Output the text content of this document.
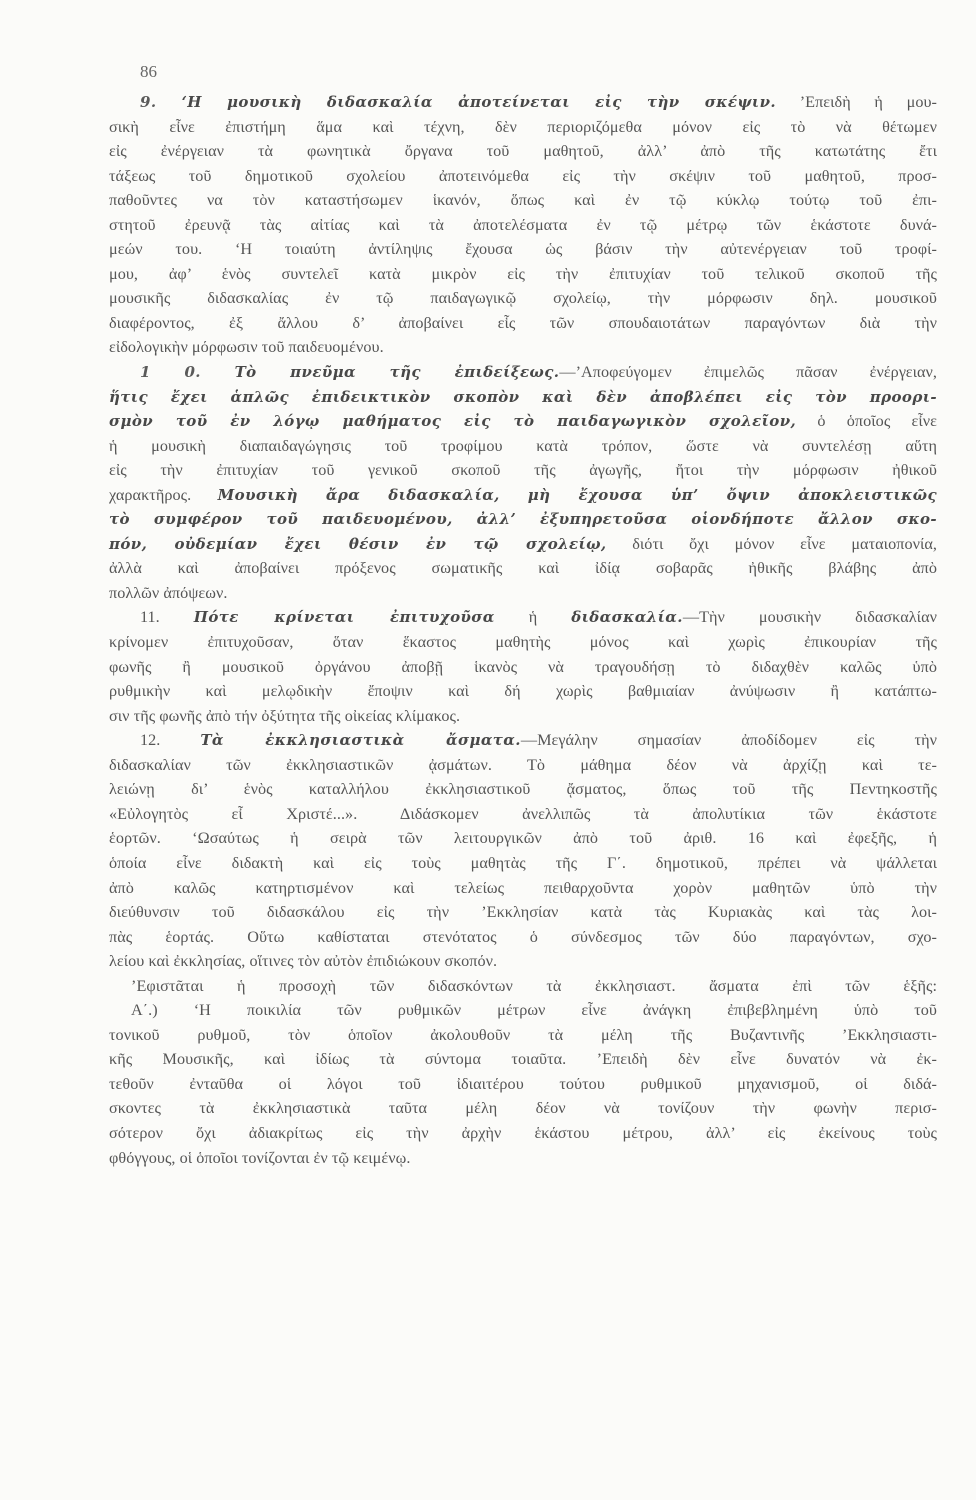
86
9. ‘Η μουσικὴ διδασκαλία ἀποτείνεται εἰς τὴν σκέψιν. ’Επειδὴ ἡ μου-
σικὴ εἶνε ἐπιστήμη ἅμα καὶ τέχνη, δὲν περιοριζόμεθα μόνον εἰς τὸ νὰ θέτωμεν
εἰς ἐνέργειαν τὰ φωνητικὰ ὄργανα τοῦ μαθητοῦ, ἀλλ’ ἀπὸ τῆς κατωτάτης ἔτι
τάξεως τοῦ δημοτικοῦ σχολείου ἀποτεινόμεθα εἰς τὴν σκέψιν τοῦ μαθητοῦ, προσ-
παθοῦντες να τὸν καταστήσωμεν ἱκανόν, ὅπως καὶ ἐν τῷ κύκλῳ τούτῳ τοῦ ἐπι-
στητοῦ ἐρευνᾷ τὰς αἰτίας καὶ τὰ ἀποτελέσματα ἐν τῷ μέτρῳ τῶν ἑκάστοτε δυνά-
μεών του. ‘Η τοιαύτη ἀντίληψις ἔχουσα ὡς βάσιν τὴν αὐτενέργειαν τοῦ τροφί-
μου, ἀφ’ ἑνὸς συντελεῖ κατὰ μικρὸν εἰς τὴν ἐπιτυχίαν τοῦ τελικοῦ σκοποῦ τῆς
μουσικῆς διδασκαλίας ἐν τῷ παιδαγωγικῷ σχολείῳ, τὴν μόρφωσιν δηλ. μουσικοῦ
διαφέροντος, ἐξ ἄλλου δ’ ἀποβαίνει εἷς τῶν σπουδαιοτάτων παραγόντων διὰ τὴν
εἰδολογικὴν μόρφωσιν τοῦ παιδευομένου.
1 0. Τὸ πνεῦμα τῆς ἐπιδείξεως.—’Αποφεύγομεν ἐπιμελῶς πᾶσαν ἐνέργειαν,
ἥτις ἔχει ἁπλῶς ἐπιδεικτικὸν σκοπὸν καὶ δὲν ἀποβλέπει εἰς τὸν προορι-
σμὸν τοῦ ἐν λόγῳ μαθήματος εἰς τὸ παιδαγωγικὸν σχολεῖον, ὁ ὁποῖος εἶνε
ἡ μουσικὴ διαπαιδαγώγησις τοῦ τροφίμου κατὰ τρόπον, ὥστε νὰ συντελέσῃ αὕτη
εἰς τὴν ἐπιτυχίαν τοῦ γενικοῦ σκοποῦ τῆς ἀγωγῆς, ἤτοι τὴν μόρφωσιν ἠθικοῦ
χαρακτῆρος. Μουσικὴ ἄρα διδασκαλία, μὴ ἔχουσα ὑπ’ ὄψιν ἀποκλειστικῶς
τὸ συμφέρον τοῦ παιδευομένου, ἀλλ’ ἐξυπηρετοῦσα οἱονδήποτε ἄλλον σκο-
πόν, οὐδεμίαν ἔχει θέσιν ἐν τῷ σχολείῳ, διότι ὄχι μόνον εἶνε ματαιοπονία,
ἀλλὰ καὶ ἀποβαίνει πρόξενος σωματικῆς καὶ ἰδίᾳ σοβαρᾶς ἠθικῆς βλάβης ἀπὸ
πολλῶν ἀπόψεων.
11. Πότε κρίνεται ἐπιτυχοῦσα ἡ διδασκαλία.—Τὴν μουσικὴν διδασκαλίαν
κρίνομεν ἐπιτυχοῦσαν, ὅταν ἕκαστος μαθητὴς μόνος καὶ χωρὶς ἐπικουρίαν τῆς
φωνῆς ἢ μουσικοῦ ὀργάνου ἀποβῇ ἱκανὸς νὰ τραγουδήσῃ τὸ διδαχθὲν καλῶς ὑπὸ
ρυθμικὴν καὶ μελῳδικὴν ἔποψιν καὶ δή χωρὶς βαθμιαίαν ἀνύψωσιν ἢ κατάπτω-
σιν τῆς φωνῆς ἀπὸ τήν ὀξύτητα τῆς οἰκείας κλίμακος.
12. Τὰ ἐκκλησιαστικὰ ἄσματα.—Μεγάλην σημασίαν ἀποδίδομεν εἰς τὴν
διδασκαλίαν τῶν ἐκκλησιαστικῶν ᾀσμάτων. Τὸ μάθημα δέον νὰ ἀρχίζῃ καὶ τε-
λειώνῃ δι’ ἑνὸς καταλλήλου ἐκκλησιαστικοῦ ᾄσματος, ὅπως τοῦ τῆς Πεντηκοστῆς
«Εὐλογητὸς εἶ Χριστέ...». Διδάσκομεν ἀνελλιπῶς τὰ ἀπολυτίκια τῶν ἑκάστοτε
ἑορτῶν. ‘Ωσαύτως ἡ σειρὰ τῶν λειτουργικῶν ἀπὸ τοῦ ἀριθ. 16 καὶ ἐφεξῆς, ἡ
ὁποία εἶνε διδακτὴ καὶ εἰς τοὺς μαθητὰς τῆς Γ΄. δημοτικοῦ, πρέπει νὰ ψάλλεται
ἀπὸ καλῶς κατηρτισμένον καὶ τελείως πειθαρχοῦντα χορὸν μαθητῶν ὑπὸ τὴν
διεύθυνσιν τοῦ διδασκάλου εἰς τὴν ’Εκκλησίαν κατὰ τὰς Κυριακὰς καὶ τὰς λοι-
πὰς ἑορτάς. Οὕτω καθίσταται στενότατος ὁ σύνδεσμος τῶν δύο παραγόντων, σχο-
λείου καὶ ἐκκλησίας, οἵτινες τὸν αὐτὸν ἐπιδιώκουν σκοπόν.
’Εφιστᾶται ἡ προσοχὴ τῶν διδασκόντων τὰ ἐκκλησιαστ. ἄσματα ἐπὶ τῶν ἑξῆς:
Α΄.) ‘Η ποικιλία τῶν ρυθμικῶν μέτρων εἶνε ἀνάγκη ἐπιβεβλημένη ὑπὸ τοῦ
τονικοῦ ρυθμοῦ, τὸν ὁποῖον ἀκολουθοῦν τὰ μέλη τῆς Βυζαντινῆς ’Εκκλησιαστι-
κῆς Μουσικῆς, καὶ ἰδίως τὰ σύντομα τοιαῦτα. ’Επειδὴ δὲν εἶνε δυνατόν νὰ ἐκ-
τεθοῦν ἐνταῦθα οἱ λόγοι τοῦ ἰδιαιτέρου τούτου ρυθμικοῦ μηχανισμοῦ, οἱ διδά-
σκοντες τὰ ἐκκλησιαστικὰ ταῦτα μέλη δέον νὰ τονίζουν τὴν φωνὴν περισ-
σότερον ὄχι ἀδιακρίτως εἰς τὴν ἀρχὴν ἑκάστου μέτρου, ἀλλ’ εἰς ἐκείνους τοὺς
φθόγγους, οἱ ὁποῖοι τονίζονται ἐν τῷ κειμένῳ.
